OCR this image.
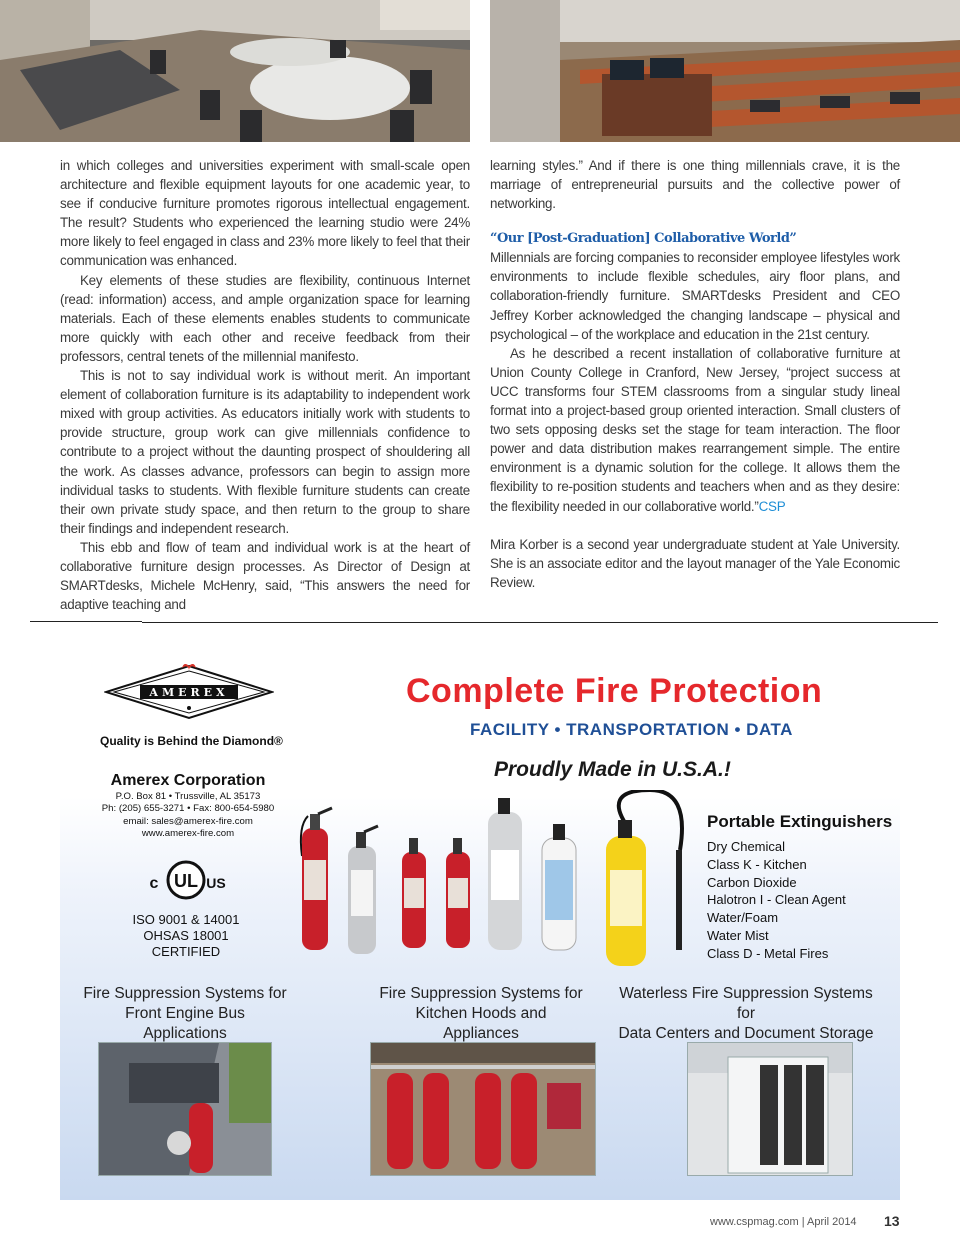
in which colleges and universities experiment with small-scale open architecture and flexible equipment layouts for one academic year, to see if conducive furniture promotes rigorous intellectual engagement. The result? Students who experienced the learning studio were 24% more likely to feel engaged in class and 23% more likely to feel that their communication was enhanced.

Key elements of these studies are flexibility, continuous Internet (read: information) access, and ample organization space for learning materials. Each of these elements enables students to communicate more quickly with each other and receive feedback from their professors, central tenets of the millennial manifesto.

This is not to say individual work is without merit. An important element of collaboration furniture is its adaptability to independent work mixed with group activities. As educators initially work with students to provide structure, group work can give millennials confidence to contribute to a project without the daunting prospect of shouldering all the work. As classes advance, professors can begin to assign more individual tasks to students. With flexible furniture students can create their own private study space, and then return to the group to share their findings and independent research.

This ebb and flow of team and individual work is at the heart of collaborative furniture design processes. As Director of Design at SMARTdesks, Michele McHenry, said, “This answers the need for adaptive teaching and

learning styles.” And if there is one thing millennials crave, it is the marriage of entrepreneurial pursuits and the collective power of networking.

“Our [Post-Graduation] Collaborative World”

Millennials are forcing companies to reconsider employee lifestyles work environments to include flexible schedules, airy floor plans, and collaboration-friendly furniture. SMARTdesks President and CEO Jeffrey Korber acknowledged the changing landscape – physical and psychological – of the workplace and education in the 21st century.

As he described a recent installation of collaborative furniture at Union County College in Cranford, New Jersey, “project success at UCC transforms four STEM classrooms from a singular study lineal format into a project-based group oriented interaction. Small clusters of two sets opposing desks set the stage for team interaction. The floor power and data distribution makes rearrangement simple. The entire environment is a dynamic solution for the college. It allows them the flexibility to re-position students and teachers when and as they desire: the flexibility needed in our collaborative world.”CSP

Mira Korber is a second year undergraduate student at Yale University. She is an associate editor and the layout manager of the Yale Economic Review.

AMEREX
Quality is Behind the Diamond®
Amerex Corporation
P.O. Box 81 • Trussville, AL 35173
Ph: (205) 655-3271 • Fax: 800-654-5980
email: sales@amerex-fire.com
www.amerex-fire.com
UL
c	US
ISO 9001 & 14001
OHSAS 18001
CERTIFIED
Complete Fire Protection
FACILITY • TRANSPORTATION • DATA
Proudly Made in U.S.A.!
Portable Extinguishers
Dry Chemical
Class K - Kitchen
Carbon Dioxide
Halotron I - Clean Agent
Water/Foam
Water Mist
Class D - Metal Fires
Fire Suppression Systems for
Front Engine Bus Applications
Fire Suppression Systems for
Kitchen Hoods and Appliances
Waterless Fire Suppression Systems for
Data Centers and Document Storage
www.cspmag.com | April 2014 13
